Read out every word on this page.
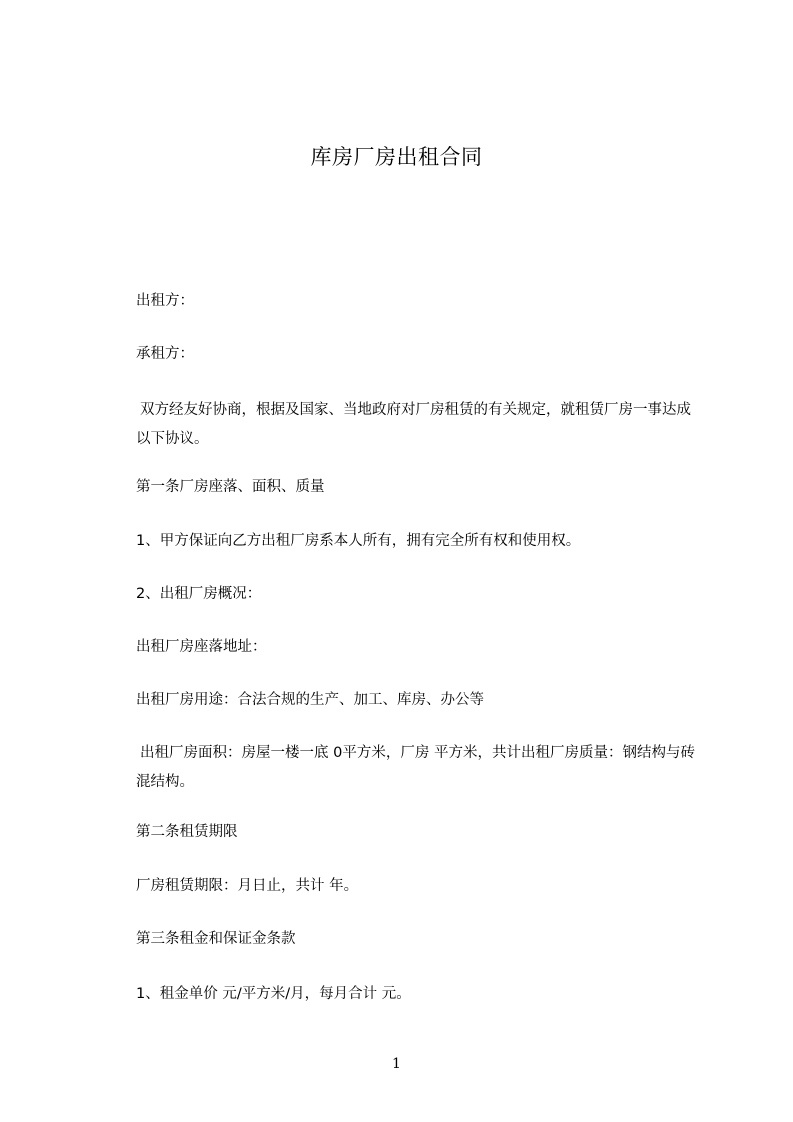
库房厂房出租合同
出租方：
承租方：
双方经友好协商，根据及国家、当地政府对厂房租赁的有关规定，就租赁厂房一事达成以下协议。
第一条厂房座落、面积、质量
1、甲方保证向乙方出租厂房系本人所有，拥有完全所有权和使用权。
2、出租厂房概况：
出租厂房座落地址：
出租厂房用途：合法合规的生产、加工、库房、办公等
出租厂房面积：房屋一楼一底 0平方米，厂房 平方米，共计出租厂房质量：钢结构与砖混结构。
第二条租赁期限
厂房租赁期限：月日止，共计 年。
第三条租金和保证金条款
1、租金单价 元/平方米/月，每月合计 元。
1
